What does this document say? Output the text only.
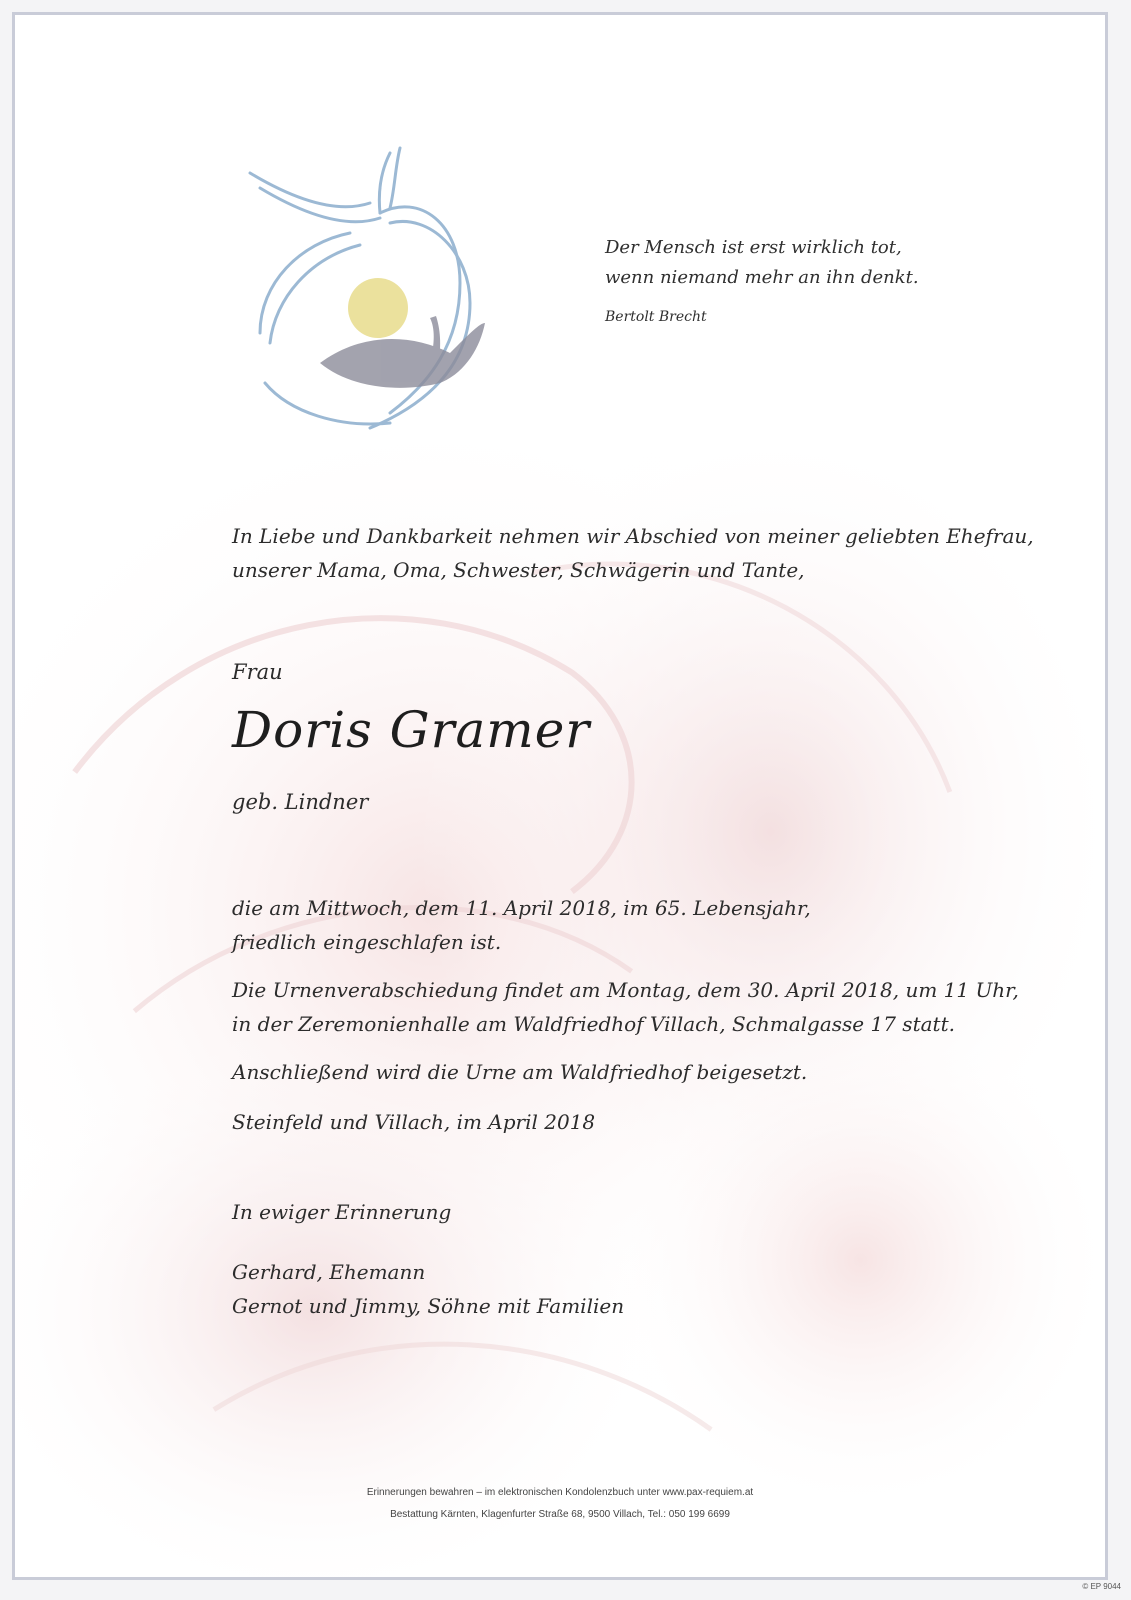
Der Mensch ist erst wirklich tot,
wenn niemand mehr an ihn denkt.
Bertolt Brecht
In Liebe und Dankbarkeit nehmen wir Abschied von meiner geliebten Ehefrau,
unserer Mama, Oma, Schwester, Schwägerin und Tante,
Frau
Doris Gramer
geb. Lindner
die am Mittwoch, dem 11. April 2018, im 65. Lebensjahr,
friedlich eingeschlafen ist.
Die Urnenverabschiedung findet am Montag, dem 30. April 2018, um 11 Uhr,
in der Zeremonienhalle am Waldfriedhof Villach, Schmalgasse 17 statt.
Anschließend wird die Urne am Waldfriedhof beigesetzt.
Steinfeld und Villach, im April 2018
In ewiger Erinnerung
Gerhard, Ehemann
Gernot und Jimmy, Söhne mit Familien
Erinnerungen bewahren – im elektronischen Kondolenzbuch unter www.pax-requiem.at
Bestattung Kärnten, Klagenfurter Straße 68, 9500 Villach, Tel.: 050 199 6699
© EP 9044
